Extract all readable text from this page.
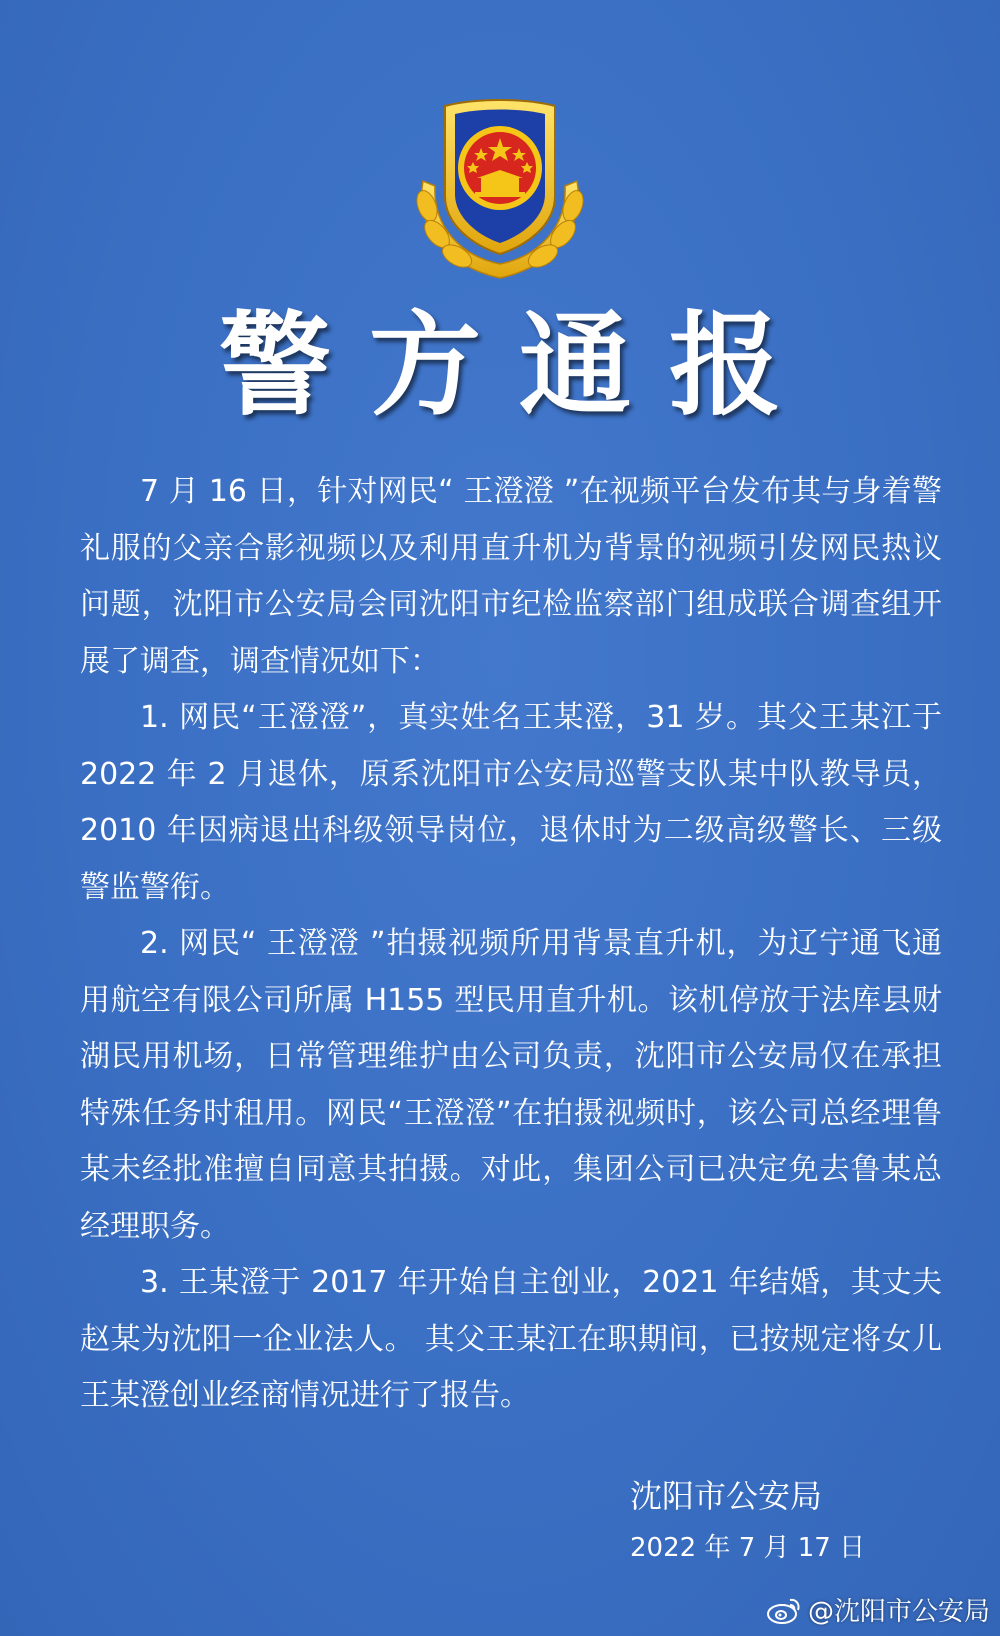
警方通报

7 月 16 日，针对网民“ 王澄澄 ”在视频平台发布其与身着警礼服的父亲合影视频以及利用直升机为背景的视频引发网民热议问题，沈阳市公安局会同沈阳市纪检监察部门组成联合调查组开展了调查，调查情况如下：

1. 网民“王澄澄”，真实姓名王某澄，31 岁。其父王某江于 2022 年 2 月退休，原系沈阳市公安局巡警支队某中队教导员，2010 年因病退出科级领导岗位，退休时为二级高级警长、三级警监警衔。

2. 网民“ 王澄澄 ”拍摄视频所用背景直升机，为辽宁通飞通用航空有限公司所属 H155 型民用直升机。该机停放于法库县财湖民用机场，日常管理维护由公司负责，沈阳市公安局仅在承担特殊任务时租用。网民“王澄澄”在拍摄视频时，该公司总经理鲁某未经批准擅自同意其拍摄。对此，集团公司已决定免去鲁某总经理职务。

3. 王某澄于 2017 年开始自主创业，2021 年结婚，其丈夫赵某为沈阳一企业法人。 其父王某江在职期间，已按规定将女儿王某澄创业经商情况进行了报告。

沈阳市公安局
2022 年 7 月 17 日
@沈阳市公安局
